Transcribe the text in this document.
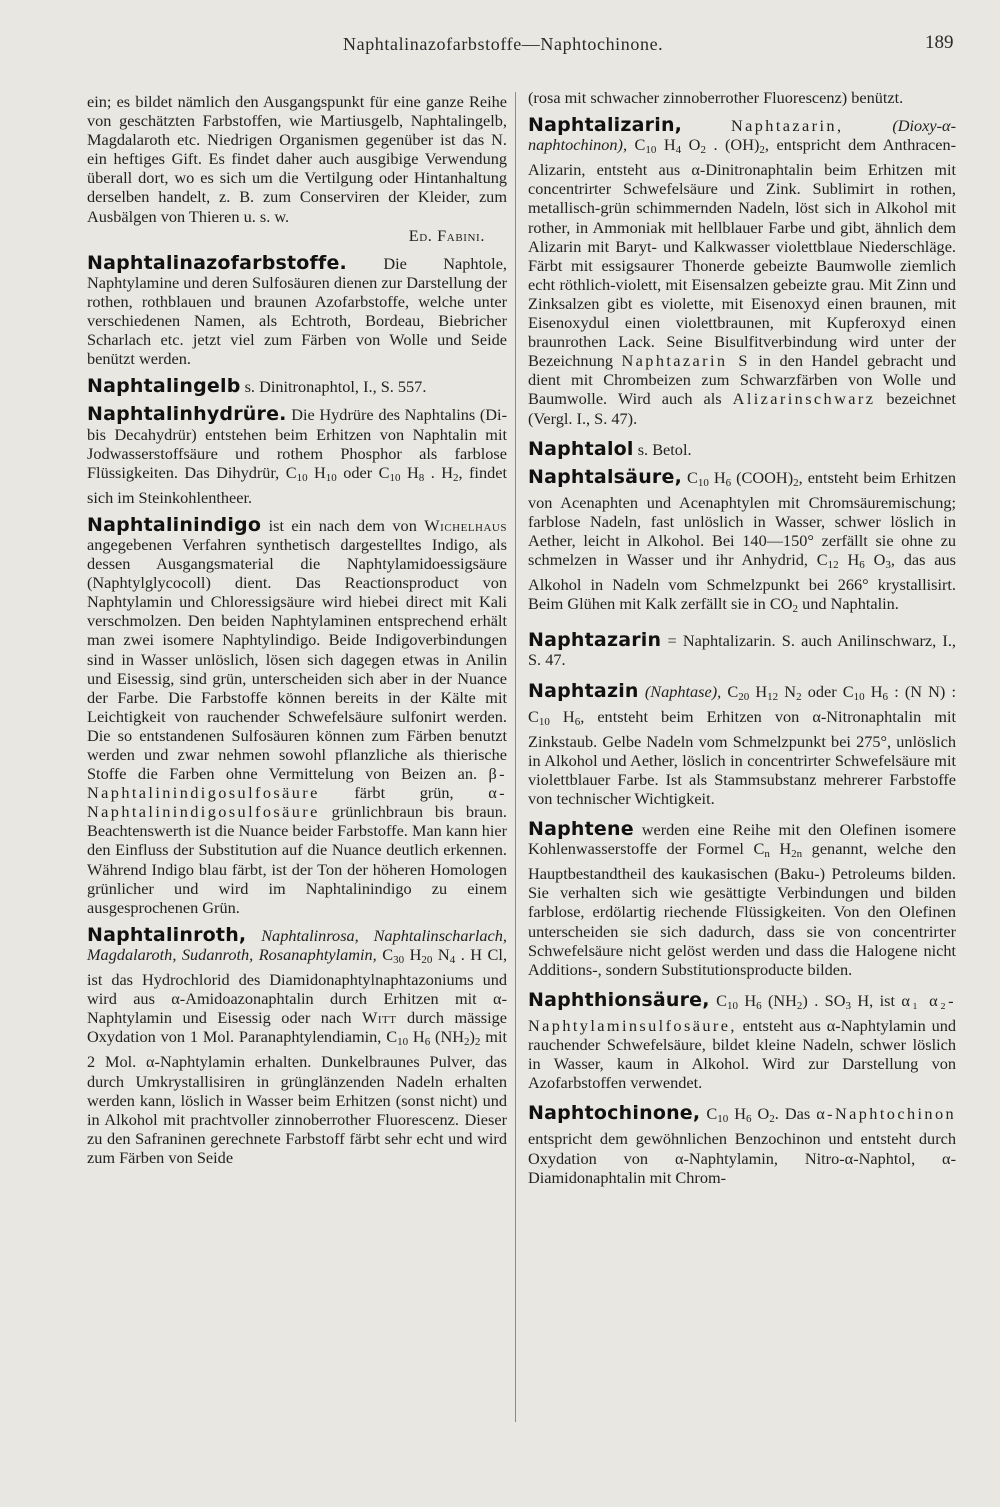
Naphtalinazofarbstoffe—Naphtochinone.	189
ein; es bildet nämlich den Ausgangspunkt für eine ganze Reihe von geschätzten Farbstoffen, wie Martiusgelb, Naphtalingelb, Magdalaroth etc. Niedrigen Organismen gegenüber ist das N. ein heftiges Gift. Es findet daher auch ausgibige Verwendung überall dort, wo es sich um die Vertilgung oder Hintanhaltung derselben handelt, z. B. zum Conserviren der Kleider, zum Ausbälgen von Thieren u. s. w.
Ed. Fabini.
Naphtalinazofarbstoffe. Die Naphtole, Naphtylamine und deren Sulfosäuren dienen zur Darstellung der rothen, rothblauen und braunen Azofarbstoffe, welche unter verschiedenen Namen, als Echtroth, Bordeau, Biebricher Scharlach etc. jetzt viel zum Färben von Wolle und Seide benützt werden.
Naphtalingelb s. Dinitronaphtol, I., S. 557.
Naphtalinhydrüre. Die Hydrüre des Naphtalins (Di- bis Decahydrür) entstehen beim Erhitzen von Naphtalin mit Jodwasserstoffsäure und rothem Phosphor als farblose Flüssigkeiten. Das Dihydrür, $C_{10}$ $H_{10}$ oder $C_{10}$ $H_8$ . $H_2$, findet sich im Steinkohlentheer.
Naphtalinindigo ist ein nach dem von Wichelhaus angegebenen Verfahren synthetisch dargestelltes Indigo, als dessen Ausgangsmaterial die Naphtylamidoessigsäure (Naphtylglycocoll) dient. Das Reactionsproduct von Naphtylamin und Chloressigsäure wird hiebei direct mit Kali verschmolzen. Den beiden Naphtylaminen entsprechend erhält man zwei isomere Naphtylindigo. Beide Indigoverbindungen sind in Wasser unlöslich, lösen sich dagegen etwas in Anilin und Eisessig, sind grün, unterscheiden sich aber in der Nuance der Farbe. Die Farbstoffe können bereits in der Kälte mit Leichtigkeit von rauchender Schwefelsäure sulfonirt werden. Die so entstandenen Sulfosäuren können zum Färben benutzt werden und zwar nehmen sowohl pflanzliche als thierische Stoffe die Farben ohne Vermittelung von Beizen an. β-Naphtalinindigosulfosäure färbt grün, α-Naphtalinindigosulfosäure grünlichbraun bis braun. Beachtenswerth ist die Nuance beider Farbstoffe. Man kann hier den Einfluss der Substitution auf die Nuance deutlich erkennen. Während Indigo blau färbt, ist der Ton der höheren Homologen grünlicher und wird im Naphtalinindigo zu einem ausgesprochenen Grün.
Naphtalinroth, Naphtalinrosa, Naphtalinscharlach, Magdalaroth, Sudanroth, Rosanaphtylamin, $C_{30}$ $H_{20}$ $N_4$ . H Cl, ist das Hydrochlorid des Diamidonaphtylnaphtazoniums und wird aus α-Amidoazonaphtalin durch Erhitzen mit α-Naphtylamin und Eisessig oder nach Witt durch mässige Oxydation von 1 Mol. Paranaphtylendiamin, $C_{10}$ $H_6$ $(NH_2)_2$ mit 2 Mol. α-Naphtylamin erhalten. Dunkelbraunes Pulver, das durch Umkrystallisiren in grünglänzenden Nadeln erhalten werden kann, löslich in Wasser beim Erhitzen (sonst nicht) und in Alkohol mit prachtvoller zinnoberrother Fluorescenz. Dieser zu den Safraninen gerechnete Farbstoff färbt sehr echt und wird zum Färben von Seide
(rosa mit schwacher zinnoberrother Fluorescenz) benützt.
Naphtalizarin,	Naphtazarin,	(Dioxy-α-naphtochinon), $C_{10}$ $H_4$ $O_2$ . $(OH)_2$, entspricht dem Anthracen-Alizarin, entsteht aus α-Dinitronaphtalin beim Erhitzen mit concentrirter Schwefelsäure und Zink. Sublimirt in rothen, metallisch-grün schimmernden Nadeln, löst sich in Alkohol mit rother, in Ammoniak mit hellblauer Farbe und gibt, ähnlich dem Alizarin mit Baryt- und Kalkwasser violettblaue Niederschläge. Färbt mit essigsaurer Thonerde gebeizte Baumwolle ziemlich echt röthlich-violett, mit Eisensalzen gebeizte grau. Mit Zinn und Zinksalzen gibt es violette, mit Eisenoxyd einen braunen, mit Eisenoxydul einen violettbraunen, mit Kupferoxyd einen braunrothen Lack. Seine Bisulfitverbindung wird unter der Bezeichnung Naphtazarin S in den Handel gebracht und dient mit Chrombeizen zum Schwarzfärben von Wolle und Baumwolle. Wird auch als Alizarinschwarz bezeichnet (Vergl. I., S. 47).
Naphtalol s. Betol.
Naphtalsäure, $C_{10}$ $H_6$ $(COOH)_2$, entsteht beim Erhitzen von Acenaphten und Acenaphtylen mit Chromsäuremischung; farblose Nadeln, fast unlöslich in Wasser, schwer löslich in Aether, leicht in Alkohol. Bei 140—150° zerfällt sie ohne zu schmelzen in Wasser und ihr Anhydrid, $C_{12}$ $H_6$ $O_3$, das aus Alkohol in Nadeln vom Schmelzpunkt bei 266° krystallisirt. Beim Glühen mit Kalk zerfällt sie in $CO_2$ und Naphtalin.
Naphtazarin = Naphtalizarin. S. auch Anilinschwarz, I., S. 47.
Naphtazin (Naphtase), $C_{20}$ $H_{12}$ $N_2$ oder $C_{10}$ $H_6$ : (N N) : $C_{10}$ $H_6$, entsteht beim Erhitzen von α-Nitronaphtalin mit Zinkstaub. Gelbe Nadeln vom Schmelzpunkt bei 275°, unlöslich in Alkohol und Aether, löslich in concentrirter Schwefelsäure mit violettblauer Farbe. Ist als Stammsubstanz mehrerer Farbstoffe von technischer Wichtigkeit.
Naphtene werden eine Reihe mit den Olefinen isomere Kohlenwasserstoffe der Formel $C_n$ $H_{2n}$ genannt, welche den Hauptbestandtheil des kaukasischen (Baku-) Petroleums bilden. Sie verhalten sich wie gesättigte Verbindungen und bilden farblose, erdölartig riechende Flüssigkeiten. Von den Olefinen unterscheiden sie sich dadurch, dass sie von concentrirter Schwefelsäure nicht gelöst werden und dass die Halogene nicht Additions-, sondern Substitutionsproducte bilden.
Naphthionsäure, $C_{10}$ $H_6$ $(NH_2)$ . $SO_3$ H, ist α₁ α₂-Naphtylaminsulfosäure, entsteht aus α-Naphtylamin und rauchender Schwefelsäure, bildet kleine Nadeln, schwer löslich in Wasser, kaum in Alkohol. Wird zur Darstellung von Azofarbstoffen verwendet.
Naphtochinone, $C_{10}$ $H_6$ $O_2$. Das α-Naphtochinon entspricht dem gewöhnlichen Benzochinon und entsteht durch Oxydation von α-Naphtylamin, Nitro-α-Naphtol, α-Diamidonaphtalin mit Chrom-
